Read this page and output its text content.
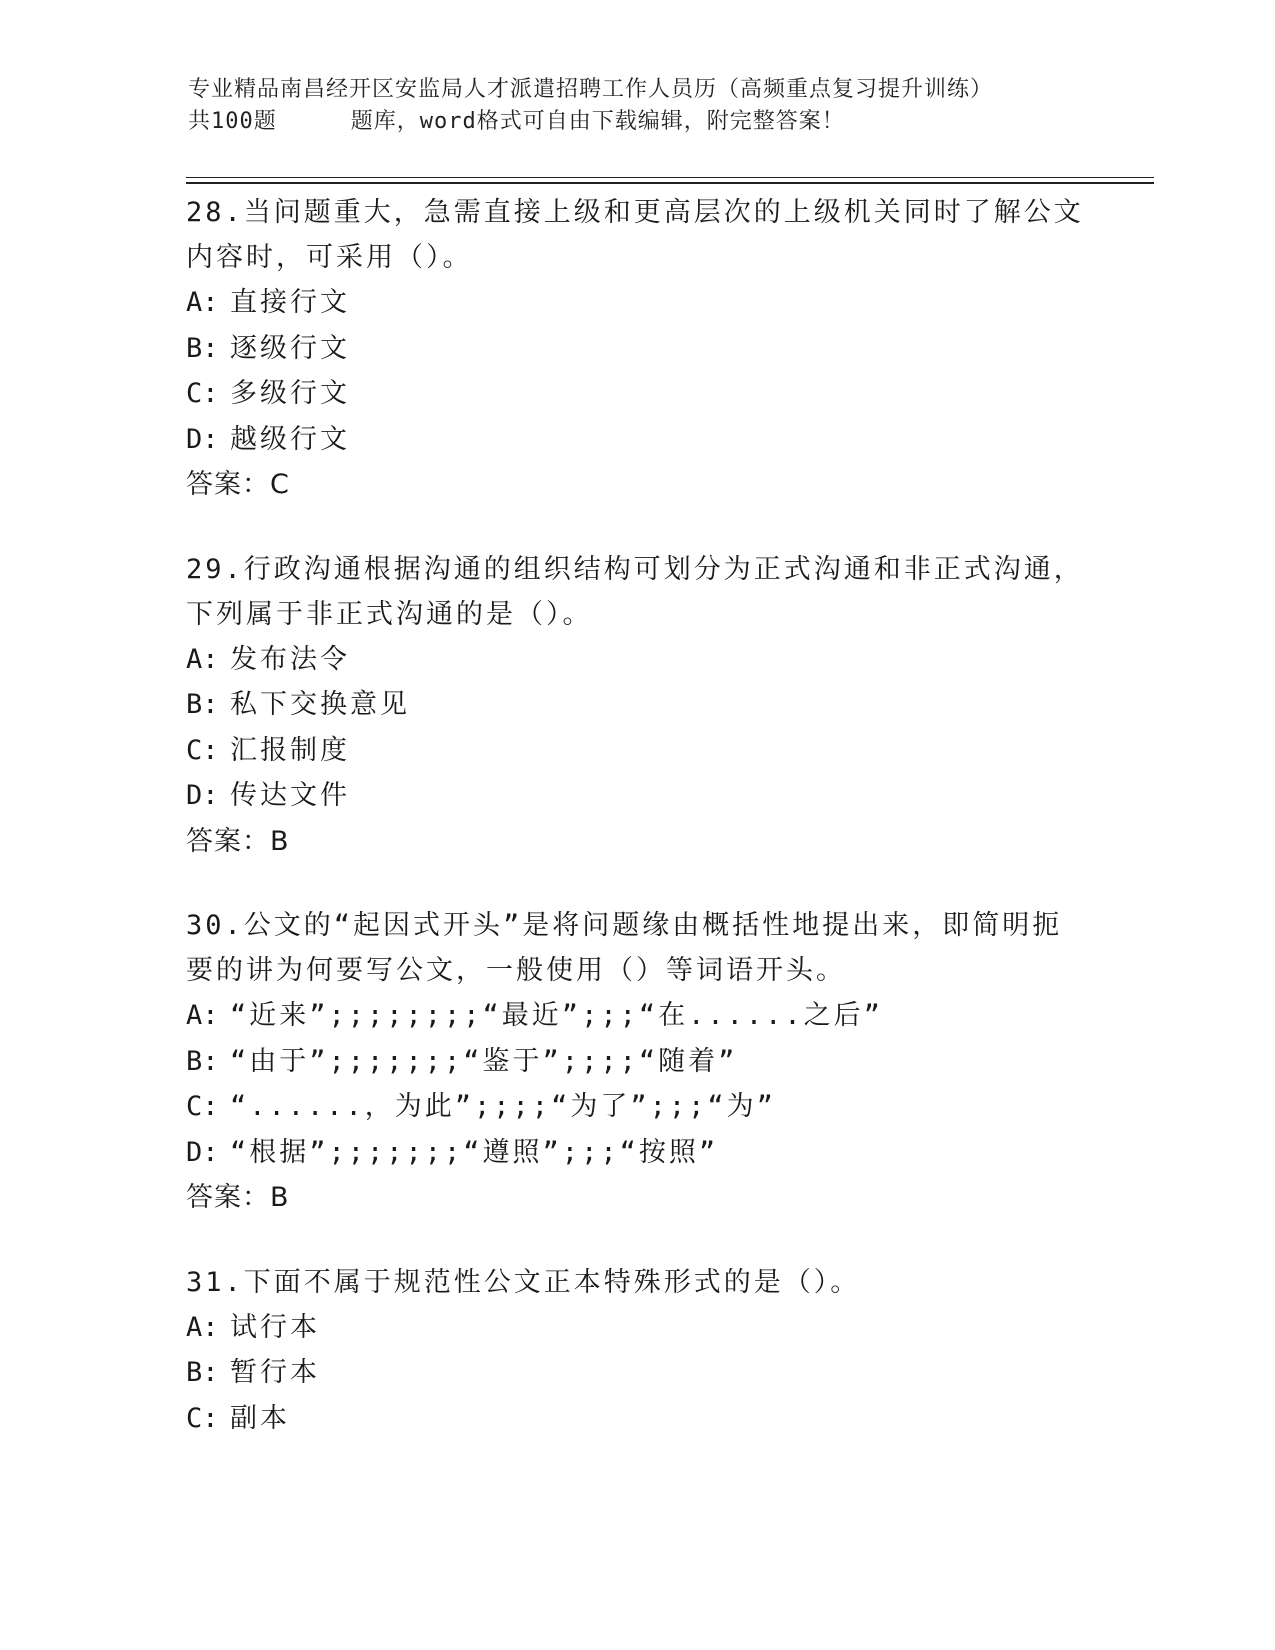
专业精品南昌经开区安监局人才派遣招聘工作人员历（高频重点复习提升训练）
共100题	题库，word格式可自由下载编辑，附完整答案！

28.当问题重大，急需直接上级和更高层次的上级机关同时了解公文内容时，可采用（）。

A: 直接行文
B: 逐级行文
C: 多级行文
D: 越级行文
答案：C

29.行政沟通根据沟通的组织结构可划分为正式沟通和非正式沟通，下列属于非正式沟通的是（）。

A: 发布法令
B: 私下交换意见
C: 汇报制度
D: 传达文件
答案：B

30.公文的“起因式开头”是将问题缘由概括性地提出来，即简明扼要的讲为何要写公文，一般使用（）等词语开头。

A: “近来”;;;;;;;;“最近”;;;“在......之后”
B: “由于”;;;;;;;“鉴于”;;;;“随着”
C: “......，为此”;;;;“为了”;;;“为”
D: “根据”;;;;;;;“遵照”;;;“按照”
答案：B

31.下面不属于规范性公文正本特殊形式的是（）。

A: 试行本
B: 暂行本
C: 副本
